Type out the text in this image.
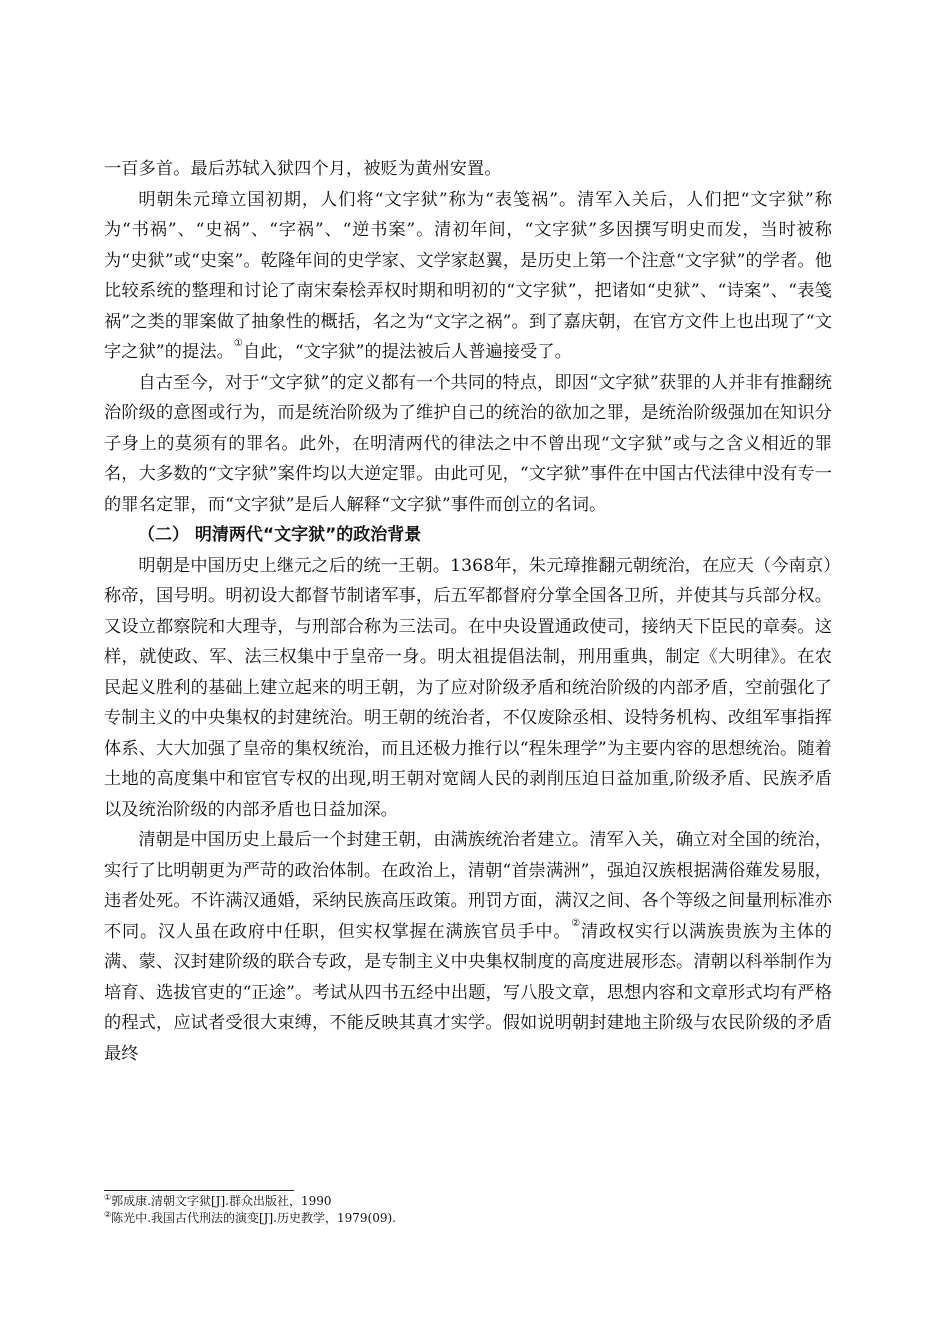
一百多首。最后苏轼入狱四个月，被贬为黄州安置。

明朝朱元璋立国初期，人们将“文字狱”称为“表笺祸”。清军入关后，人们把“文字狱”称为“书祸”、“史祸”、“字祸”、“逆书案”。清初年间，“文字狱”多因撰写明史而发，当时被称为“史狱”或“史案”。乾隆年间的史学家、文学家赵翼，是历史上第一个注意“文字狱”的学者。他比较系统的整理和讨论了南宋秦桧弄权时期和明初的“文字狱”，把诸如“史狱”、“诗案”、“表笺祸”之类的罪案做了抽象性的概括，名之为“文字之祸”。到了嘉庆朝，在官方文件上也出现了“文字之狱”的提法。①自此，“文字狱”的提法被后人普遍接受了。

自古至今，对于“文字狱”的定义都有一个共同的特点，即因“文字狱”获罪的人并非有推翻统治阶级的意图或行为，而是统治阶级为了维护自己的统治的欲加之罪，是统治阶级强加在知识分子身上的莫须有的罪名。此外，在明清两代的律法之中不曾出现“文字狱”或与之含义相近的罪名，大多数的“文字狱”案件均以大逆定罪。由此可见，“文字狱”事件在中国古代法律中没有专一的罪名定罪，而“文字狱”是后人解释“文字狱”事件而创立的名词。

（二） 明清两代“文字狱”的政治背景

明朝是中国历史上继元之后的统一王朝。1368年，朱元璋推翻元朝统治，在应天（今南京）称帝，国号明。明初设大都督节制诸军事，后五军都督府分掌全国各卫所，并使其与兵部分权。又设立都察院和大理寺，与刑部合称为三法司。在中央设置通政使司，接纳天下臣民的章奏。这样，就使政、军、法三权集中于皇帝一身。明太祖提倡法制，刑用重典，制定《大明律》。在农民起义胜利的基础上建立起来的明王朝，为了应对阶级矛盾和统治阶级的内部矛盾，空前强化了专制主义的中央集权的封建统治。明王朝的统治者，不仅废除丞相、设特务机构、改组军事指挥体系、大大加强了皇帝的集权统治，而且还极力推行以“程朱理学”为主要内容的思想统治。随着土地的高度集中和宦官专权的出现,明王朝对宽阔人民的剥削压迫日益加重,阶级矛盾、民族矛盾以及统治阶级的内部矛盾也日益加深。

清朝是中国历史上最后一个封建王朝，由满族统治者建立。清军入关，确立对全国的统治，实行了比明朝更为严苛的政治体制。在政治上，清朝“首崇满洲”，强迫汉族根据满俗薙发易服，违者处死。不许满汉通婚，采纳民族高压政策。刑罚方面，满汉之间、各个等级之间量刑标准亦不同。汉人虽在政府中任职，但实权掌握在满族官员手中。②清政权实行以满族贵族为主体的满、蒙、汉封建阶级的联合专政，是专制主义中央集权制度的高度进展形态。清朝以科举制作为培育、选拔官吏的“正途”。考试从四书五经中出题，写八股文章，思想内容和文章形式均有严格的程式，应试者受很大束缚，不能反映其真才实学。假如说明朝封建地主阶级与农民阶级的矛盾最终

①郭成康.清朝文字狱[J].群众出版社，1990

②陈光中.我国古代刑法的演变[J].历史教学，1979(09).
